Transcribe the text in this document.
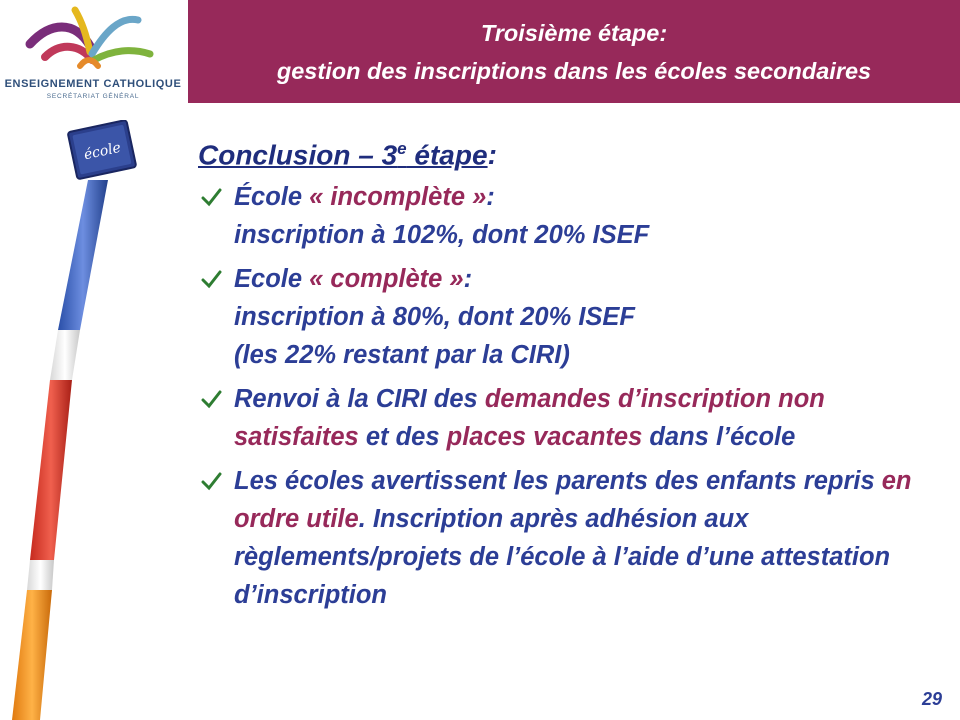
ENSEIGNEMENT CATHOLIQUE
SECRÉTARIAT GÉNÉRAL
Troisième étape:
gestion des inscriptions dans les écoles secondaires
école	Conclusion – 3e étape:
École « incomplète »:
inscription à 102%, dont 20% ISEF
Ecole « complète »:
inscription à 80%, dont 20% ISEF
(les 22% restant par la CIRI)
Renvoi à la CIRI des demandes d’inscription non satisfaites et des places vacantes dans l’école
Les écoles avertissent les parents des enfants repris en ordre utile. Inscription après adhésion aux règlements/projets de l’école à l’aide d’une attestation d’inscription
29
